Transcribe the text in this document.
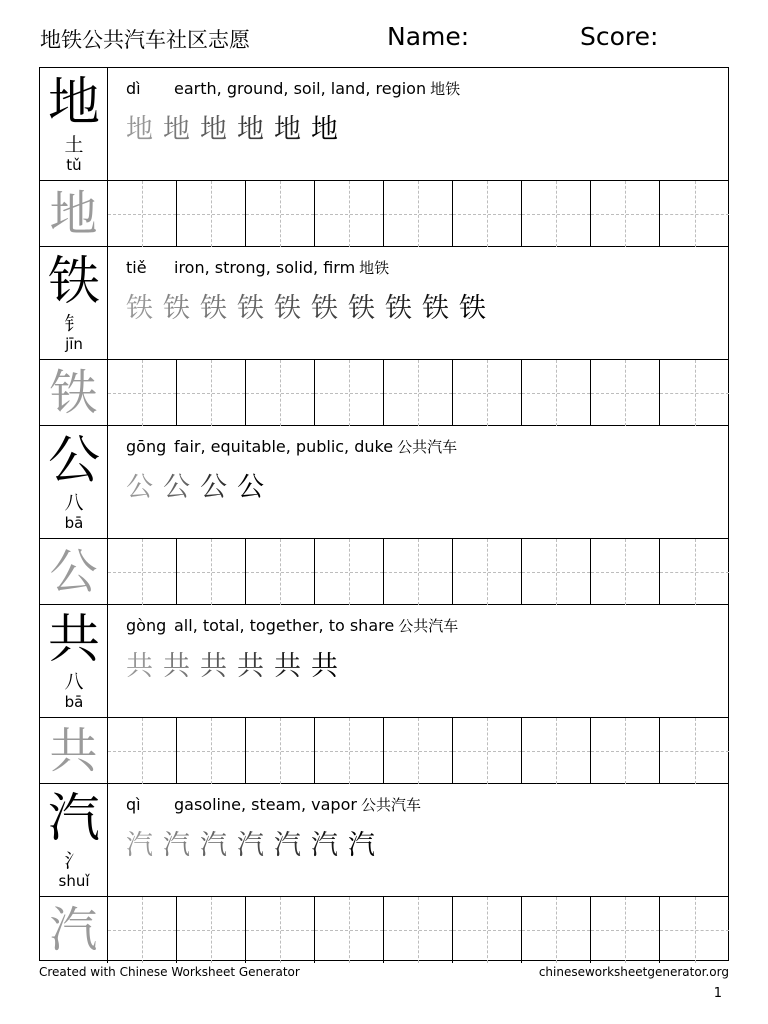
地铁公共汽车社区志愿	Name:	Score:
地
土
tǔ
dì earth, ground, soil, land, region 地铁
地 地 地 地 地 地
地
铁
钅
jīn
tiě iron, strong, solid, firm 地铁
铁 铁 铁 铁 铁 铁 铁 铁 铁 铁
铁
公
八
bā
gōng fair, equitable, public, duke 公共汽车
公 公 公 公
公
共
八
bā
gòng all, total, together, to share 公共汽车
共 共 共 共 共 共
共
汽
氵
shuǐ
qì gasoline, steam, vapor 公共汽车
汽 汽 汽 汽 汽 汽 汽
汽
Created with Chinese Worksheet Generator	chineseworksheetgenerator.org
1
